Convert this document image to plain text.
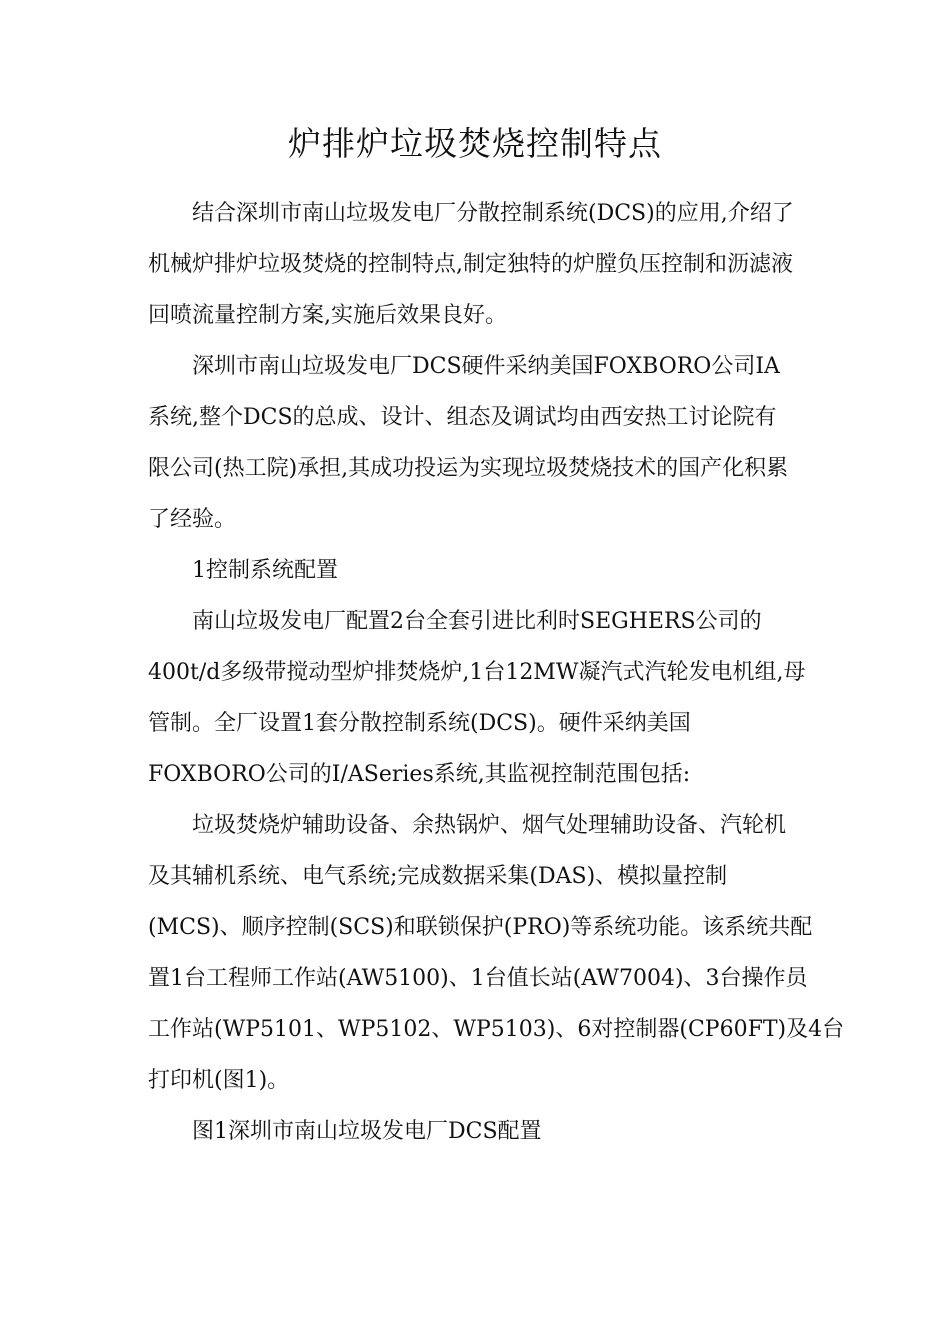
炉排炉垃圾焚烧控制特点
结合深圳市南山垃圾发电厂分散控制系统(DCS)的应用,介绍了
机械炉排炉垃圾焚烧的控制特点,制定独特的炉膛负压控制和沥滤液
回喷流量控制方案,实施后效果良好。
深圳市南山垃圾发电厂DCS硬件采纳美国FOXBORO公司IA
系统,整个DCS的总成、设计、组态及调试均由西安热工讨论院有
限公司(热工院)承担,其成功投运为实现垃圾焚烧技术的国产化积累
了经验。
1控制系统配置
南山垃圾发电厂配置2台全套引进比利时SEGHERS公司的
400t/d多级带搅动型炉排焚烧炉,1台12MW凝汽式汽轮发电机组,母
管制。全厂设置1套分散控制系统(DCS)。硬件采纳美国
FOXBORO公司的I/ASeries系统,其监视控制范围包括:
垃圾焚烧炉辅助设备、余热锅炉、烟气处理辅助设备、汽轮机
及其辅机系统、电气系统;完成数据采集(DAS)、模拟量控制
(MCS)、顺序控制(SCS)和联锁保护(PRO)等系统功能。该系统共配
置1台工程师工作站(AW5100)、1台值长站(AW7004)、3台操作员
工作站(WP5101、WP5102、WP5103)、6对控制器(CP60FT)及4台
打印机(图1)。
图1深圳市南山垃圾发电厂DCS配置
